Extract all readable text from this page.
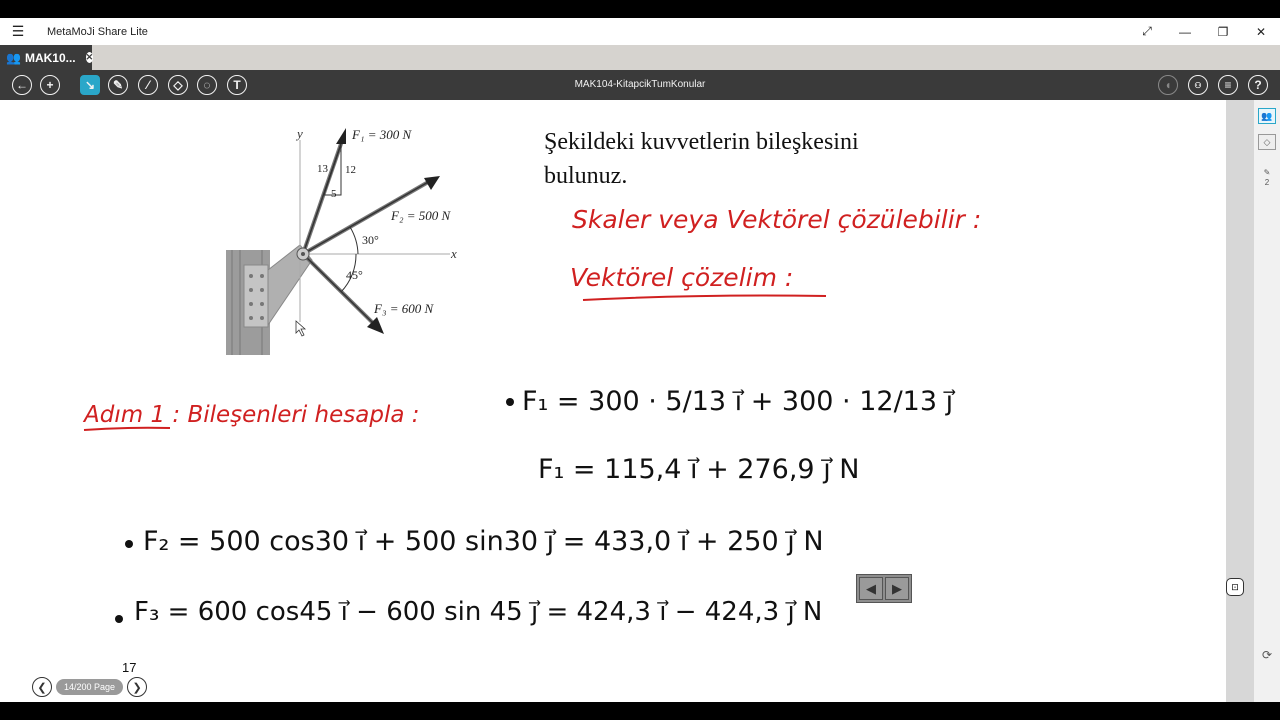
☰	MetaMoJi Share Lite	⤢	—	❐	✕
👥 MAK10... ✕
MAK104-KitapcikTumKonular
←	+	↘	✎	⁄	◇	◌	T	◖	⚇	≡	?
y
x
F₁ = 300 N
13 12
5
F₂ = 500 N
30°
F₃ = 600 N
45°
Skaler veya Vektörel çözülebilir :
Vektörel çözelim :
Adım 1 : Bileşenleri hesapla :	F₁ = 300 · 5/13 i⃗ + 300 · 12/13 j⃗
F₁ = 115,4 i⃗ + 276,9 j⃗ N
F₂ = 500 cos30 i⃗ + 500 sin30 j⃗ = 433,0 i⃗ + 250 j⃗ N
F₃ = 600 cos45 i⃗ − 600 sin 45 j⃗ = 424,3 i⃗ − 424,3 j⃗ N
Şekildeki kuvvetlerin bileşkesini
bulunuz.
◀	▶
17
❮	14/200 Page	❯
⊡
👥
◇
✎
2
⟳
